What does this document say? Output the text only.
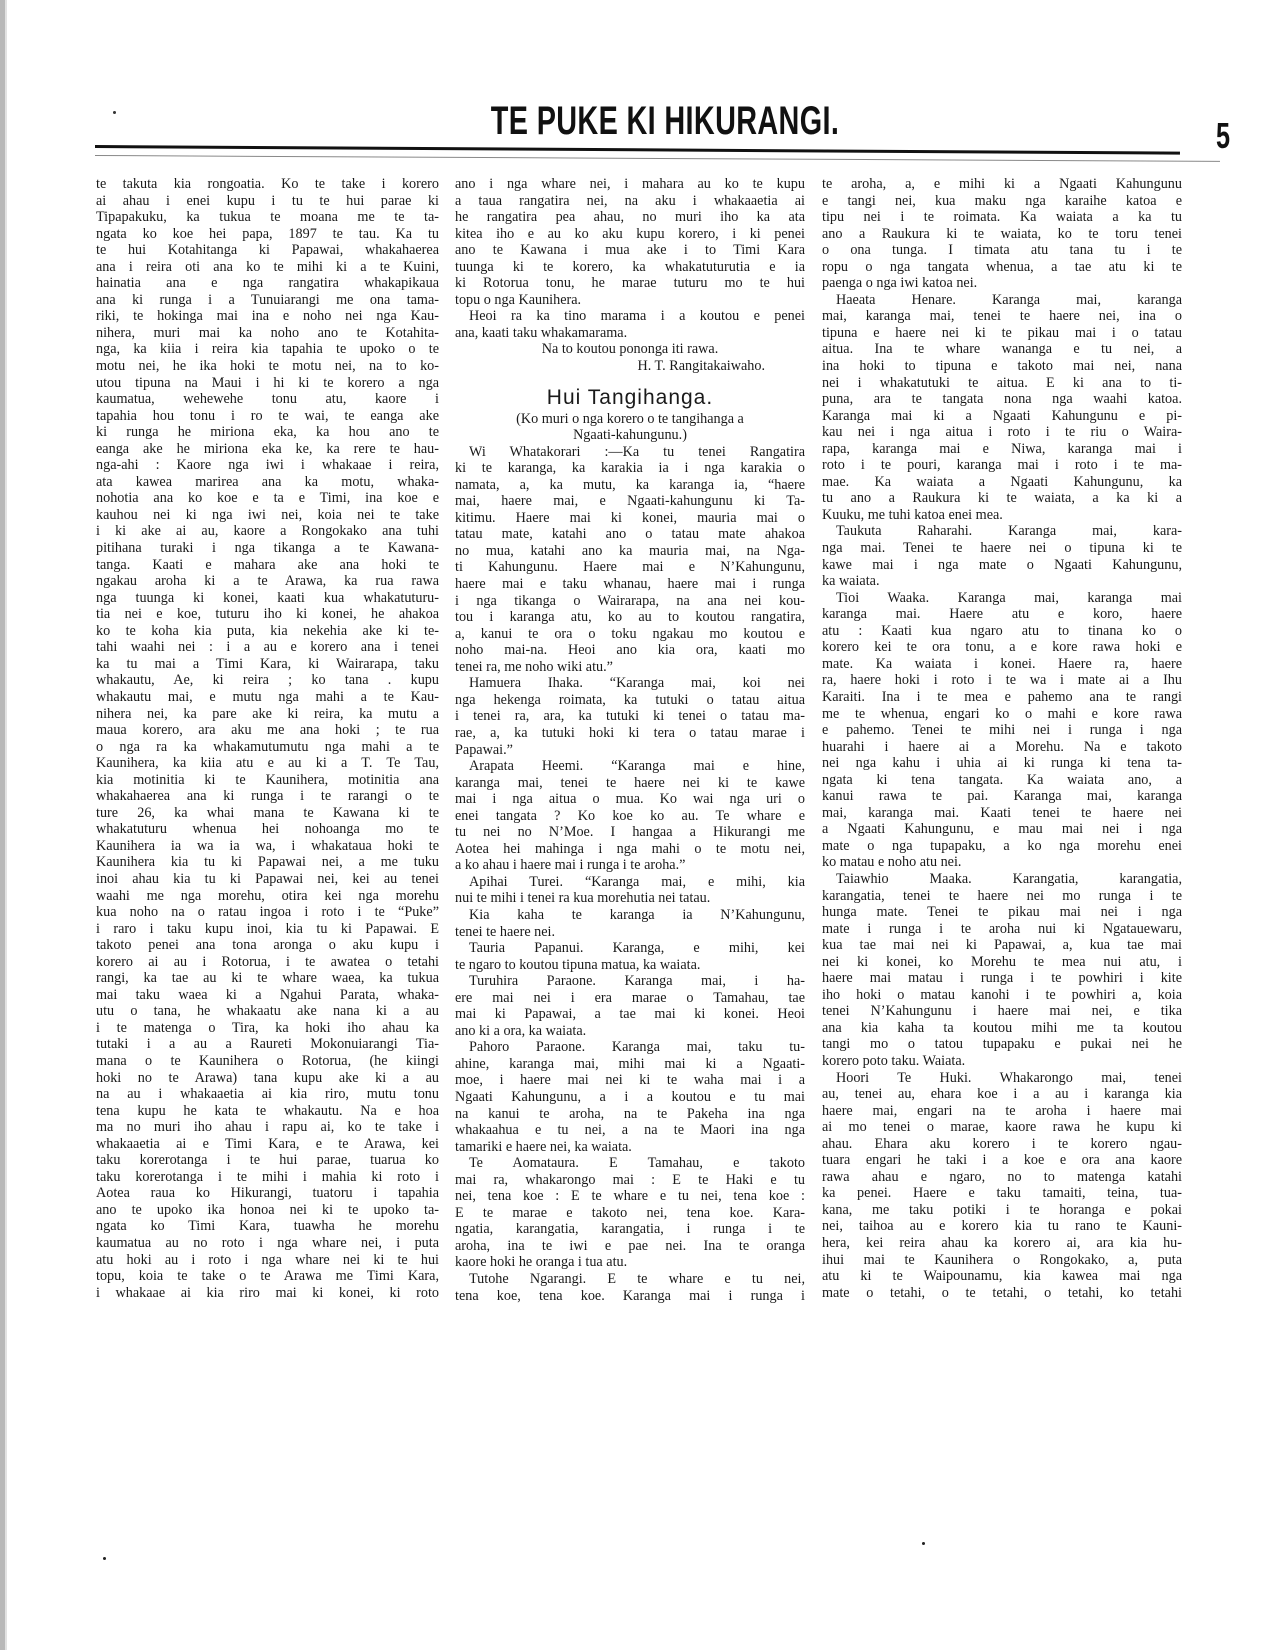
TE PUKE KI HIKURANGI.	5
te takuta kia rongoatia. Ko te take i korero
ai ahau i enei kupu i tu te hui parae ki
Tipapakuku, ka tukua te moana me te ta-
ngata ko koe hei papa, 1897 te tau. Ka tu
te hui Kotahitanga ki Papawai, whakahaerea
ana i reira oti ana ko te mihi ki a te Kuini,
hainatia ana e nga rangatira whakapikaua
ana ki runga i a Tunuiarangi me ona tama-
riki, te hokinga mai ina e noho nei nga Kau-
nihera, muri mai ka noho ano te Kotahita-
nga, ka kiia i reira kia tapahia te upoko o te
motu nei, he ika hoki te motu nei, na to ko-
utou tipuna na Maui i hi ki te korero a nga
kaumatua, wehewehe tonu atu, kaore i
tapahia hou tonu i ro te wai, te eanga ake
ki runga he miriona eka, ka hou ano te
eanga ake he miriona eka ke, ka rere te hau-
nga-ahi : Kaore nga iwi i whakaae i reira,
ata kawea marirea ana ka motu, whaka-
nohotia ana ko koe e ta e Timi, ina koe e
kauhou nei ki nga iwi nei, koia nei te take
i ki ake ai au, kaore a Rongokako ana tuhi
pitihana turaki i nga tikanga a te Kawana-
tanga. Kaati e mahara ake ana hoki te
ngakau aroha ki a te Arawa, ka rua rawa
nga tuunga ki konei, kaati kua whakatuturu-
tia nei e koe, tuturu iho ki konei, he ahakoa
ko te koha kia puta, kia nekehia ake ki te-
tahi waahi nei : i a au e korero ana i tenei
ka tu mai a Timi Kara, ki Wairarapa, taku
whakautu, Ae, ki reira ; ko tana . kupu
whakautu mai, e mutu nga mahi a te Kau-
nihera nei, ka pare ake ki reira, ka mutu a
maua korero, ara aku me ana hoki ; te rua
o nga ra ka whakamutumutu nga mahi a te
Kaunihera, ka kiia atu e au ki a T. Te Tau,
kia motinitia ki te Kaunihera, motinitia ana
whakahaerea ana ki runga i te rarangi o te
ture 26, ka whai mana te Kawana ki te
whakatuturu whenua hei nohoanga mo te
Kaunihera ia wa ia wa, i whakataua hoki te
Kaunihera kia tu ki Papawai nei, a me tuku
inoi ahau kia tu ki Papawai nei, kei au tenei
waahi me nga morehu, otira kei nga morehu
kua noho na o ratau ingoa i roto i te “Puke”
i raro i taku kupu inoi, kia tu ki Papawai. E
takoto penei ana tona aronga o aku kupu i
korero ai au i Rotorua, i te awatea o tetahi
rangi, ka tae au ki te whare waea, ka tukua
mai taku waea ki a Ngahui Parata, whaka-
utu o tana, he whakaatu ake nana ki a au
i te matenga o Tira, ka hoki iho ahau ka
tutaki i a au a Raureti Mokonuiarangi Tia-
mana o te Kaunihera o Rotorua, (he kiingi
hoki no te Arawa) tana kupu ake ki a au
na au i whakaaetia ai kia riro, mutu tonu
tena kupu he kata te whakautu. Na e hoa
ma no muri iho ahau i rapu ai, ko te take i
whakaaetia ai e Timi Kara, e te Arawa, kei
taku korerotanga i te hui parae, tuarua ko
taku korerotanga i te mihi i mahia ki roto i
Aotea raua ko Hikurangi, tuatoru i tapahia
ano te upoko ika honoa nei ki te upoko ta-
ngata ko Timi Kara, tuawha he morehu
kaumatua au no roto i nga whare nei, i puta
atu hoki au i roto i nga whare nei ki te hui
topu, koia te take o te Arawa me Timi Kara,
i whakaae ai kia riro mai ki konei, ki roto
ano i nga whare nei, i mahara au ko te kupu
a taua rangatira nei, na aku i whakaaetia ai
he rangatira pea ahau, no muri iho ka ata
kitea iho e au ko aku kupu korero, i ki penei
ano te Kawana i mua ake i to Timi Kara
tuunga ki te korero, ka whakatuturutia e ia
ki Rotorua tonu, he marae tuturu mo te hui
topu o nga Kaunihera.
Heoi ra ka tino marama i a koutou e penei
ana, kaati taku whakamarama.
Na to koutou pononga iti rawa.
H. T. Rangitakaiwaho.
Hui Tangihanga.
(Ko muri o nga korero o te tangihanga a
Ngaati-kahungunu.)
Wi Whatakorari :—Ka tu tenei Rangatira
ki te karanga, ka karakia ia i nga karakia o
namata, a, ka mutu, ka karanga ia, “haere
mai, haere mai, e Ngaati-kahungunu ki Ta-
kitimu. Haere mai ki konei, mauria mai o
tatau mate, katahi ano o tatau mate ahakoa
no mua, katahi ano ka mauria mai, na Nga-
ti Kahungunu. Haere mai e N’Kahungunu,
haere mai e taku whanau, haere mai i runga
i nga tikanga o Wairarapa, na ana nei kou-
tou i karanga atu, ko au to koutou rangatira,
a, kanui te ora o toku ngakau mo koutou e
noho mai-na. Heoi ano kia ora, kaati mo
tenei ra, me noho wiki atu.”
Hamuera Ihaka. “Karanga mai, koi nei
nga hekenga roimata, ka tutuki o tatau aitua
i tenei ra, ara, ka tutuki ki tenei o tatau ma-
rae, a, ka tutuki hoki ki tera o tatau marae i
Papawai.”
Arapata Heemi. “Karanga mai e hine,
karanga mai, tenei te haere nei ki te kawe
mai i nga aitua o mua. Ko wai nga uri o
enei tangata ? Ko koe ko au. Te whare e
tu nei no N’Moe. I hangaa a Hikurangi me
Aotea hei mahinga i nga mahi o te motu nei,
a ko ahau i haere mai i runga i te aroha.”
Apihai Turei. “Karanga mai, e mihi, kia
nui te mihi i tenei ra kua morehutia nei tatau.
Kia kaha te karanga ia N’Kahungunu,
tenei te haere nei.
Tauria Papanui. Karanga, e mihi, kei
te ngaro to koutou tipuna matua, ka waiata.
Turuhira Paraone. Karanga mai, i ha-
ere mai nei i era marae o Tamahau, tae
mai ki Papawai, a tae mai ki konei. Heoi
ano ki a ora, ka waiata.
Pahoro Paraone. Karanga mai, taku tu-
ahine, karanga mai, mihi mai ki a Ngaati-
moe, i haere mai nei ki te waha mai i a
Ngaati Kahungunu, a i a koutou e tu mai
na kanui te aroha, na te Pakeha ina nga
whakaahua e tu nei, a na te Maori ina nga
tamariki e haere nei, ka waiata.
Te Aomataura. E Tamahau, e takoto
mai ra, whakarongo mai : E te Haki e tu
nei, tena koe : E te whare e tu nei, tena koe :
E te marae e takoto nei, tena koe. Kara-
ngatia, karangatia, karangatia, i runga i te
aroha, ina te iwi e pae nei. Ina te oranga
kaore hoki he oranga i tua atu.
Tutohe Ngarangi. E te whare e tu nei,
tena koe, tena koe. Karanga mai i runga i
te aroha, a, e mihi ki a Ngaati Kahungunu
e tangi nei, kua maku nga karaihe katoa e
tipu nei i te roimata. Ka waiata a ka tu
ano a Raukura ki te waiata, ko te toru tenei
o ona tunga. I timata atu tana tu i te
ropu o nga tangata whenua, a tae atu ki te
paenga o nga iwi katoa nei.
Haeata Henare. Karanga mai, karanga
mai, karanga mai, tenei te haere nei, ina o
tipuna e haere nei ki te pikau mai i o tatau
aitua. Ina te whare wananga e tu nei, a
ina hoki to tipuna e takoto mai nei, nana
nei i whakatutuki te aitua. E ki ana to ti-
puna, ara te tangata nona nga waahi katoa.
Karanga mai ki a Ngaati Kahungunu e pi-
kau nei i nga aitua i roto i te riu o Waira-
rapa, karanga mai e Niwa, karanga mai i
roto i te pouri, karanga mai i roto i te ma-
mae. Ka waiata a Ngaati Kahungunu, ka
tu ano a Raukura ki te waiata, a ka ki a
Kuuku, me tuhi katoa enei mea.
Taukuta Raharahi. Karanga mai, kara-
nga mai. Tenei te haere nei o tipuna ki te
kawe mai i nga mate o Ngaati Kahungunu,
ka waiata.
Tioi Waaka. Karanga mai, karanga mai
karanga mai. Haere atu e koro, haere
atu : Kaati kua ngaro atu to tinana ko o
korero kei te ora tonu, a e kore rawa hoki e
mate. Ka waiata i konei. Haere ra, haere
ra, haere hoki i roto i te wa i mate ai a Ihu
Karaiti. Ina i te mea e pahemo ana te rangi
me te whenua, engari ko o mahi e kore rawa
e pahemo. Tenei te mihi nei i runga i nga
huarahi i haere ai a Morehu. Na e takoto
nei nga kahu i uhia ai ki runga ki tena ta-
ngata ki tena tangata. Ka waiata ano, a
kanui rawa te pai. Karanga mai, karanga
mai, karanga mai. Kaati tenei te haere nei
a Ngaati Kahungunu, e mau mai nei i nga
mate o nga tupapaku, a ko nga morehu enei
ko matau e noho atu nei.
Taiawhio Maaka. Karangatia, karangatia,
karangatia, tenei te haere nei mo runga i te
hunga mate. Tenei te pikau mai nei i nga
mate i runga i te aroha nui ki Ngatauewaru,
kua tae mai nei ki Papawai, a, kua tae mai
nei ki konei, ko Morehu te mea nui atu, i
haere mai matau i runga i te powhiri i kite
iho hoki o matau kanohi i te powhiri a, koia
tenei N’Kahungunu i haere mai nei, e tika
ana kia kaha ta koutou mihi me ta koutou
tangi mo o tatou tupapaku e pukai nei he
korero poto taku. Waiata.
Hoori Te Huki. Whakarongo mai, tenei
au, tenei au, ehara koe i a au i karanga kia
haere mai, engari na te aroha i haere mai
ai mo tenei o marae, kaore rawa he kupu ki
ahau. Ehara aku korero i te korero ngau-
tuara engari he taki i a koe e ora ana kaore
rawa ahau e ngaro, no to matenga katahi
ka penei. Haere e taku tamaiti, teina, tua-
kana, me taku potiki i te horanga e pokai
nei, taihoa au e korero kia tu rano te Kauni-
hera, kei reira ahau ka korero ai, ara kia hu-
ihui mai te Kaunihera o Rongokako, a, puta
atu ki te Waipounamu, kia kawea mai nga
mate o tetahi, o te tetahi, o tetahi, ko tetahi
